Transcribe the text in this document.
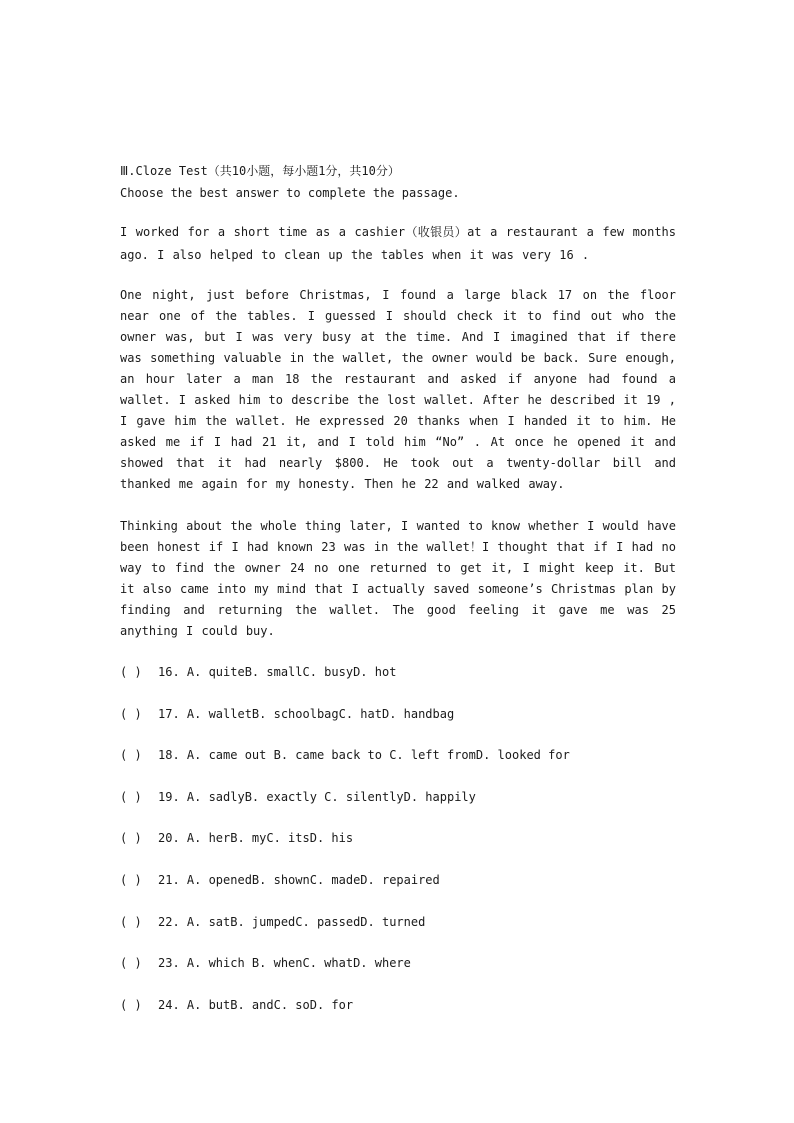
Ⅲ.Cloze Test（共10小题，每小题1分，共10分）
Choose the best answer to complete the passage.

I worked for a short time as a cashier（收银员）at a restaurant a few months ago. I also helped to clean up the tables when it was very 16 .

One night, just before Christmas, I found a large black 17 on the floor near one of the tables. I guessed I should check it to find out who the owner was, but I was very busy at the time. And I imagined that if there was something valuable in the wallet, the owner would be back. Sure enough, an hour later a man 18 the restaurant and asked if anyone had found a wallet. I asked him to describe the lost wallet. After he described it 19 , I gave him the wallet. He expressed 20 thanks when I handed it to him. He asked me if I had 21 it, and I told him “No” . At once he opened it and showed that it had nearly $800. He took out a twenty-dollar bill and thanked me again for my honesty. Then he 22 and walked away.

Thinking about the whole thing later, I wanted to know whether I would have been honest if I had known 23 was in the wallet！I thought that if I had no way to find the owner 24 no one returned to get it, I might keep it. But it also came into my mind that I actually saved someone’s Christmas plan by finding and returning the wallet. The good feeling it gave me was 25 anything I could buy.

( ) 16. A. quiteB. smallC. busyD. hot
( ) 17. A. walletB. schoolbagC. hatD. handbag
( ) 18. A. came out B. came back to C. left fromD. looked for
( ) 19. A. sadlyB. exactly C. silentlyD. happily
( ) 20. A. herB. myC. itsD. his
( ) 21. A. openedB. shownC. madeD. repaired
( ) 22. A. satB. jumpedC. passedD. turned
( ) 23. A. which B. whenC. whatD. where
( ) 24. A. butB. andC. soD. for
